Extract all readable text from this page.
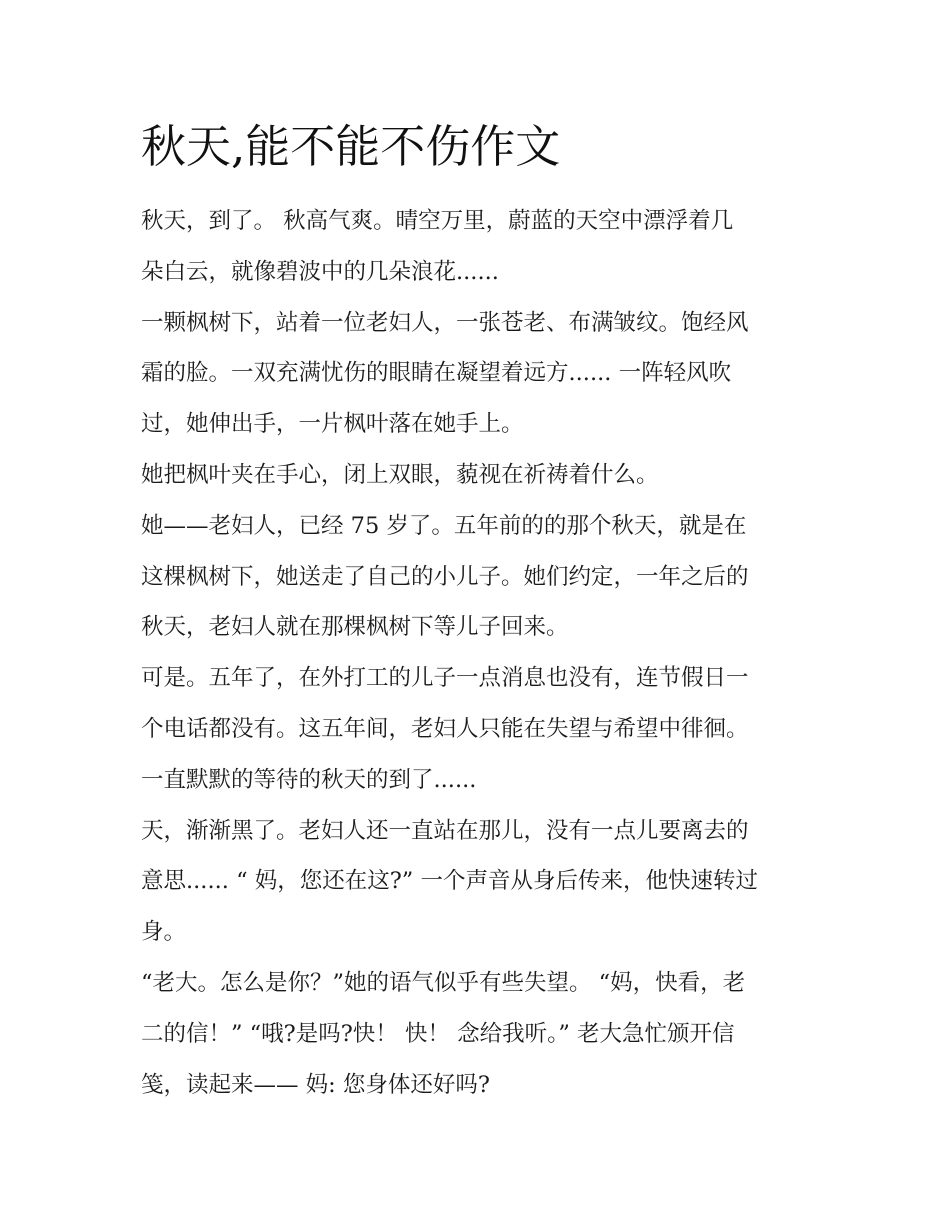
秋天,能不能不伤作文
秋天，到了。 秋高气爽。晴空万里，蔚蓝的天空中漂浮着几
朵白云，就像碧波中的几朵浪花......
一颗枫树下，站着一位老妇人，一张苍老、布满皱纹。饱经风
霜的脸。一双充满忧伤的眼睛在凝望着远方...... 一阵轻风吹
过，她伸出手，一片枫叶落在她手上。
她把枫叶夹在手心，闭上双眼，藐视在祈祷着什么。
她——老妇人，已经 75 岁了。五年前的的那个秋天，就是在
这棵枫树下，她送走了自己的小儿子。她们约定，一年之后的
秋天，老妇人就在那棵枫树下等儿子回来。
可是。五年了，在外打工的儿子一点消息也没有，连节假日一
个电话都没有。这五年间，老妇人只能在失望与希望中徘徊。
一直默默的等待的秋天的到了......
天，渐渐黑了。老妇人还一直站在那儿，没有一点儿要离去的
意思...... “ 妈，您还在这?” 一个声音从身后传来，他快速转过
身。
“老大。怎么是你？”她的语气似乎有些失望。 “妈，快看，老
二的信！” “哦?是吗?快！ 快！ 念给我听。” 老大急忙颁开信
笺，读起来—— 妈: 您身体还好吗?
